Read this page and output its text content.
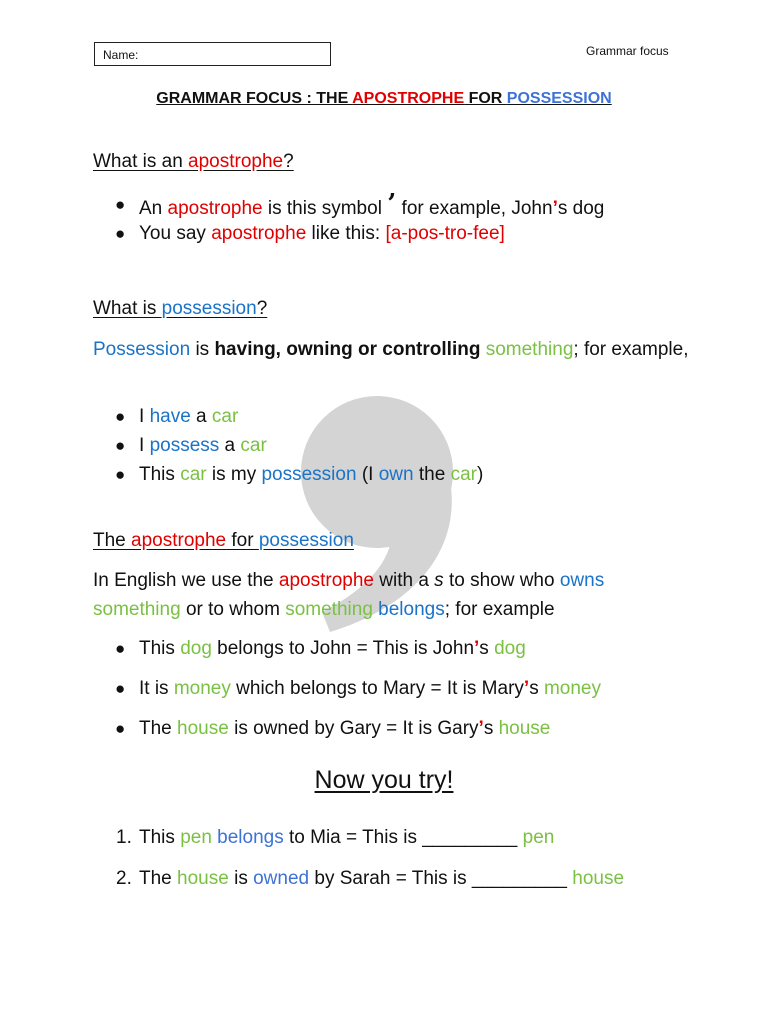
Name:	Grammar focus
GRAMMAR FOCUS : THE APOSTROPHE FOR POSSESSION
What is an apostrophe?
● An apostrophe is this symbol ’ for example, John’s dog
● You say apostrophe like this: [a-pos-tro-fee]
What is possession?
Possession is having, owning or controlling something; for example,
● I have a car
● I possess a car
● This car is my possession (I own the car)
The apostrophe for possession
In English we use the apostrophe with a s to show who owns something or to whom something belongs; for example
● This dog belongs to John = This is John’s dog
● It is money which belongs to Mary = It is Mary’s money
● The house is owned by Gary = It is Gary’s house
Now you try!
1. This pen belongs to Mia = This is _________ pen
2. The house is owned by Sarah = This is _________ house
